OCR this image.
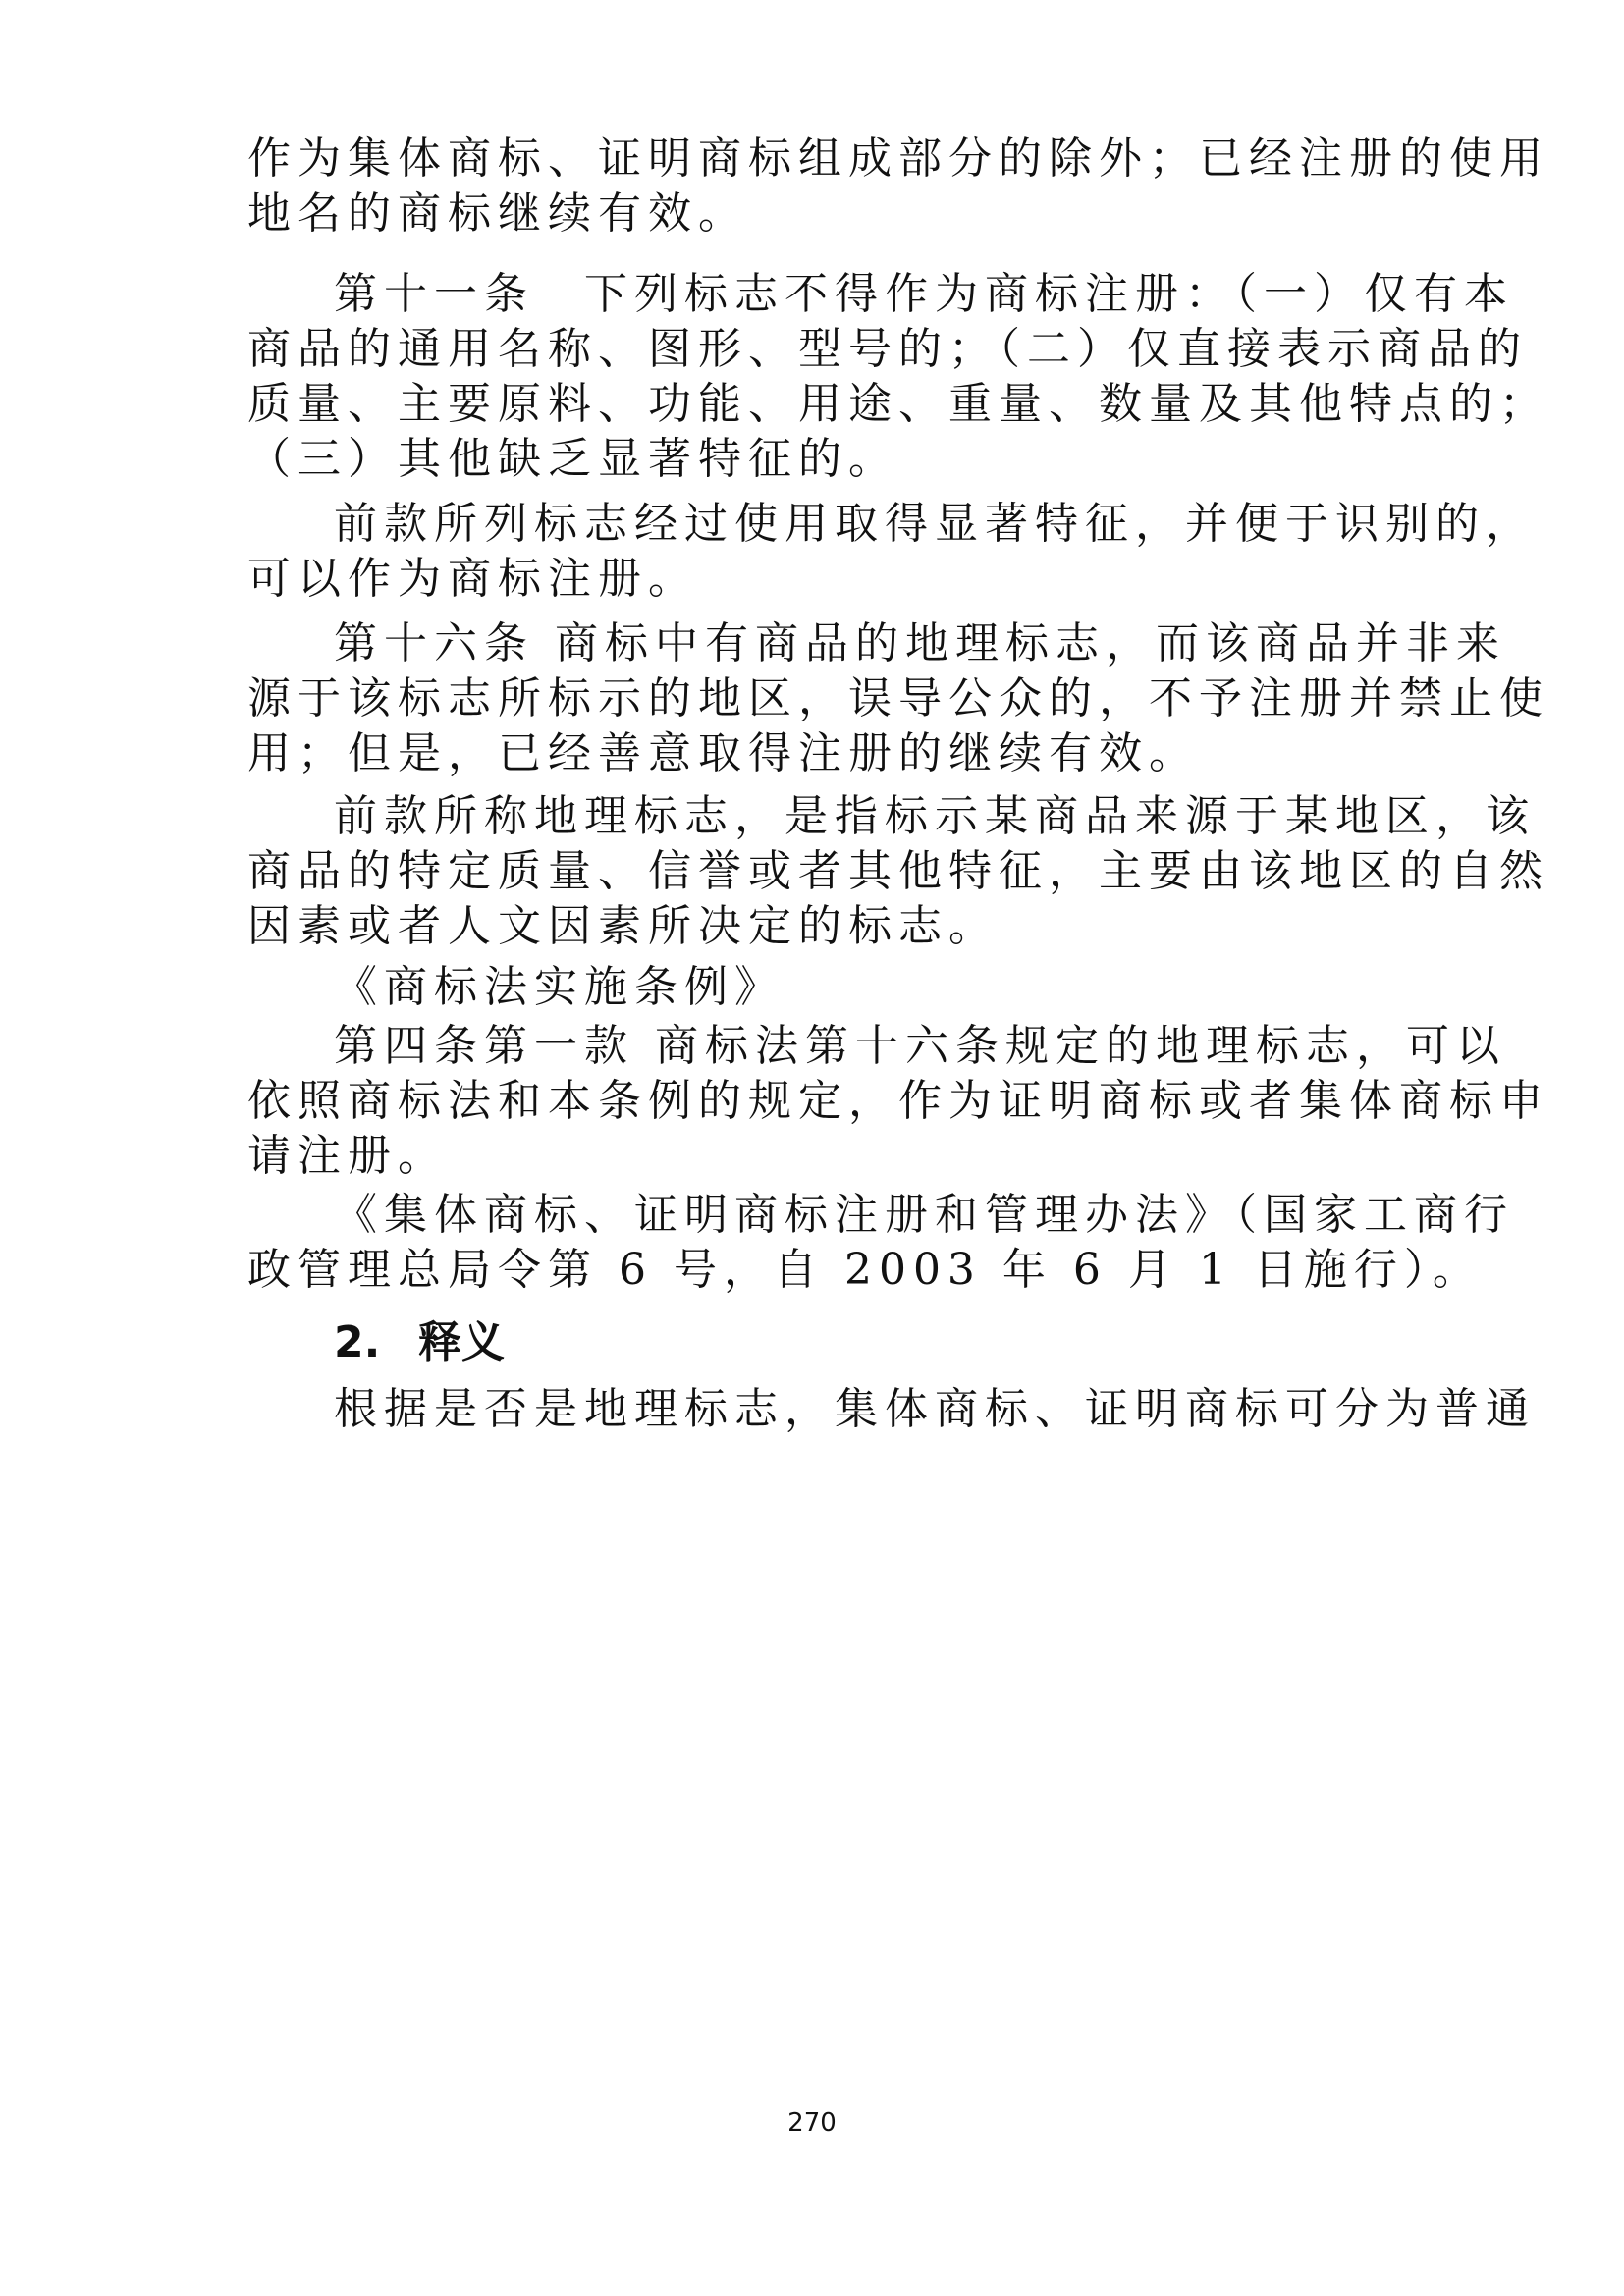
作为集体商标、证明商标组成部分的除外；已经注册的使用
地名的商标继续有效。
第十一条　下列标志不得作为商标注册：（一）仅有本
商品的通用名称、图形、型号的；（二）仅直接表示商品的
质量、主要原料、功能、用途、重量、数量及其他特点的；
（三）其他缺乏显著特征的。
前款所列标志经过使用取得显著特征，并便于识别的，
可以作为商标注册。
第十六条 商标中有商品的地理标志，而该商品并非来
源于该标志所标示的地区，误导公众的，不予注册并禁止使
用；但是，已经善意取得注册的继续有效。
前款所称地理标志，是指标示某商品来源于某地区，该
商品的特定质量、信誉或者其他特征，主要由该地区的自然
因素或者人文因素所决定的标志。
《商标法实施条例》
第四条第一款 商标法第十六条规定的地理标志，可以
依照商标法和本条例的规定，作为证明商标或者集体商标申
请注册。
《集体商标、证明商标注册和管理办法》（国家工商行
政管理总局令第 6 号，自 2003 年 6 月 1 日施行）。
2. 释义
根据是否是地理标志，集体商标、证明商标可分为普通
270
